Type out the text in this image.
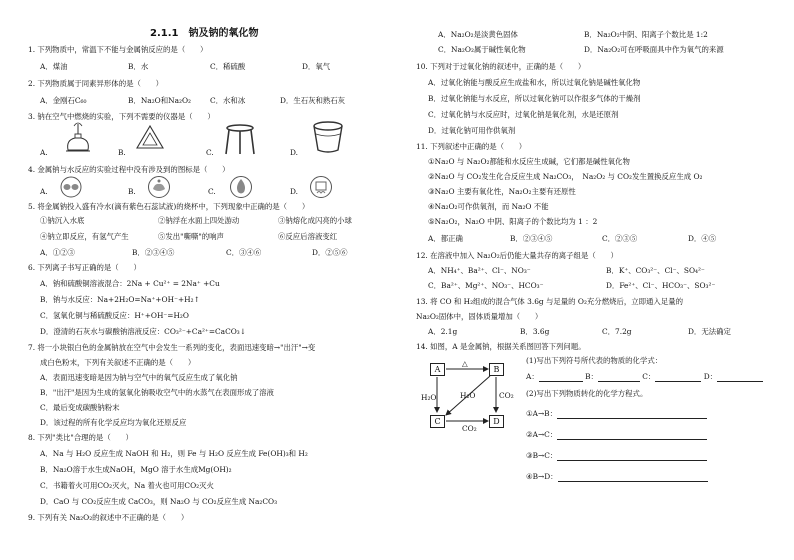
2.1.1　钠及钠的氧化物
1. 下列物质中，常温下不能与金属钠反应的是（　　）
A．煤油	B．水	C．稀硫酸	D．氧气
2. 下列物质属于同素异形体的是（　　）
A．金刚石C₆₀	B．Na₂O和Na₂O₂	C．水和冰	D．生石灰和熟石灰
3. 钠在空气中燃烧的实验，下列不需要的仪器是（　　）
A.	B.	C.	D.
4. 金属钠与水反应的实验过程中没有涉及到的图标是（　　）
A.	B.	C.	D.
5. 将金属钠投入盛有冷水(滴有紫色石蕊试液)的烧杯中，下列现象中正确的是（　　）
①钠沉入水底	②钠浮在水面上四处游动	③钠熔化成闪亮的小球
④钠立即反应，有氢气产生	⑤发出"嘶嘶"的响声	⑥反应后溶液变红
A．①②③	B．②③④⑤	C．③④⑥	D．②⑤⑥
6. 下列离子书写正确的是（　　）
A．钠和硫酸铜溶液混合：2Na + Cu²⁺ = 2Na⁺ +Cu
B．钠与水反应：Na+2H₂O=Na⁺+OH⁻+H₂↑
C．氢氧化铜与稀硫酸反应：H⁺+OH⁻=H₂O
D．澄清的石灰水与碳酸钠溶液反应：CO₃²⁻+Ca²⁺=CaCO₃↓
7. 将一小块银白色的金属钠放在空气中会发生一系列的变化，表面迅速变暗→"出汗"→变
成白色粉末，下列有关叙述不正确的是（　　）
A．表面迅速变暗是因为钠与空气中的氧气反应生成了氧化钠
B．"出汗"是因为生成的氢氧化钠吸收空气中的水蒸气在表面形成了溶液
C．最后变成碳酸钠粉末
D．该过程的所有化学反应均为氧化还原反应
8. 下列"类比"合理的是（　　）
A．Na 与 H₂O 反应生成 NaOH 和 H₂，则 Fe 与 H₂O 反应生成 Fe(OH)₃和 H₂
B．Na₂O溶于水生成NaOH，MgO 溶于水生成Mg(OH)₂
C．书籍着火可用CO₂灭火，Na 着火也可用CO₂灭火
D．CaO 与 CO₂反应生成 CaCO₃，则 Na₂O 与 CO₂反应生成 Na₂CO₃
9. 下列有关 Na₂O₂的叙述中不正确的是（　　）
A．Na₂O₂是淡黄色固体	B．Na₂O₂中阴、阳离子个数比是 1:2
C．Na₂O₂属于碱性氧化物	D．Na₂O₂可在呼吸面具中作为氧气的来源
10. 下列对于过氧化钠的叙述中，正确的是（　　）
A．过氧化钠能与酸反应生成盐和水，所以过氧化钠是碱性氧化物
B．过氧化钠能与水反应，所以过氧化钠可以作很多气体的干燥剂
C．过氧化钠与水反应时，过氧化钠是氧化剂，水是还原剂
D．过氧化钠可用作供氧剂
11. 下列叙述中正确的是（　　）
①Na₂O 与 Na₂O₂都能和水反应生成碱，它们都是碱性氧化物
②Na₂O 与 CO₂发生化合反应生成 Na₂CO₃，　Na₂O₂ 与 CO₂发生置换反应生成 O₂
③Na₂O 主要有氧化性，Na₂O₂主要有还原性
④Na₂O₂可作供氧剂，而 Na₂O 不能
⑤Na₂O₂，Na₂O 中阴、阳离子的个数比均为 1 ：2
A．都正确	B．②③④⑤	C．②③⑤	D．④⑤
12. 在溶液中加入 Na₂O₂后仍能大量共存的离子组是（　　）
A．NH₄⁺、Ba²⁺、Cl⁻、NO₃⁻	B．K⁺、CO₃²⁻、Cl⁻、SO₄²⁻
C．Ba²⁺、Mg²⁺、NO₃⁻、HCO₃⁻	D．Fe²⁺、Cl⁻、HCO₃⁻、SO₃²⁻
13. 将 CO 和 H₂组成的混合气体 3.6g 与足量的 O₂充分燃烧后，立即通入足量的
Na₂O₂固体中，固体质量增加（　　）
A．2.1g	B．3.6g	C．7.2g	D．无法确定
14. 如图，A 是金属钠，根据关系图回答下列问题。
A	B
C	D
△
H₂O	H₂O	CO₂
CO₂
(1)写出下列符号所代表的物质的化学式：
A：	B：	C：	D：
(2)写出下列物质转化的化学方程式。
①A→B：
②A→C：
③B→C：
④B→D：
